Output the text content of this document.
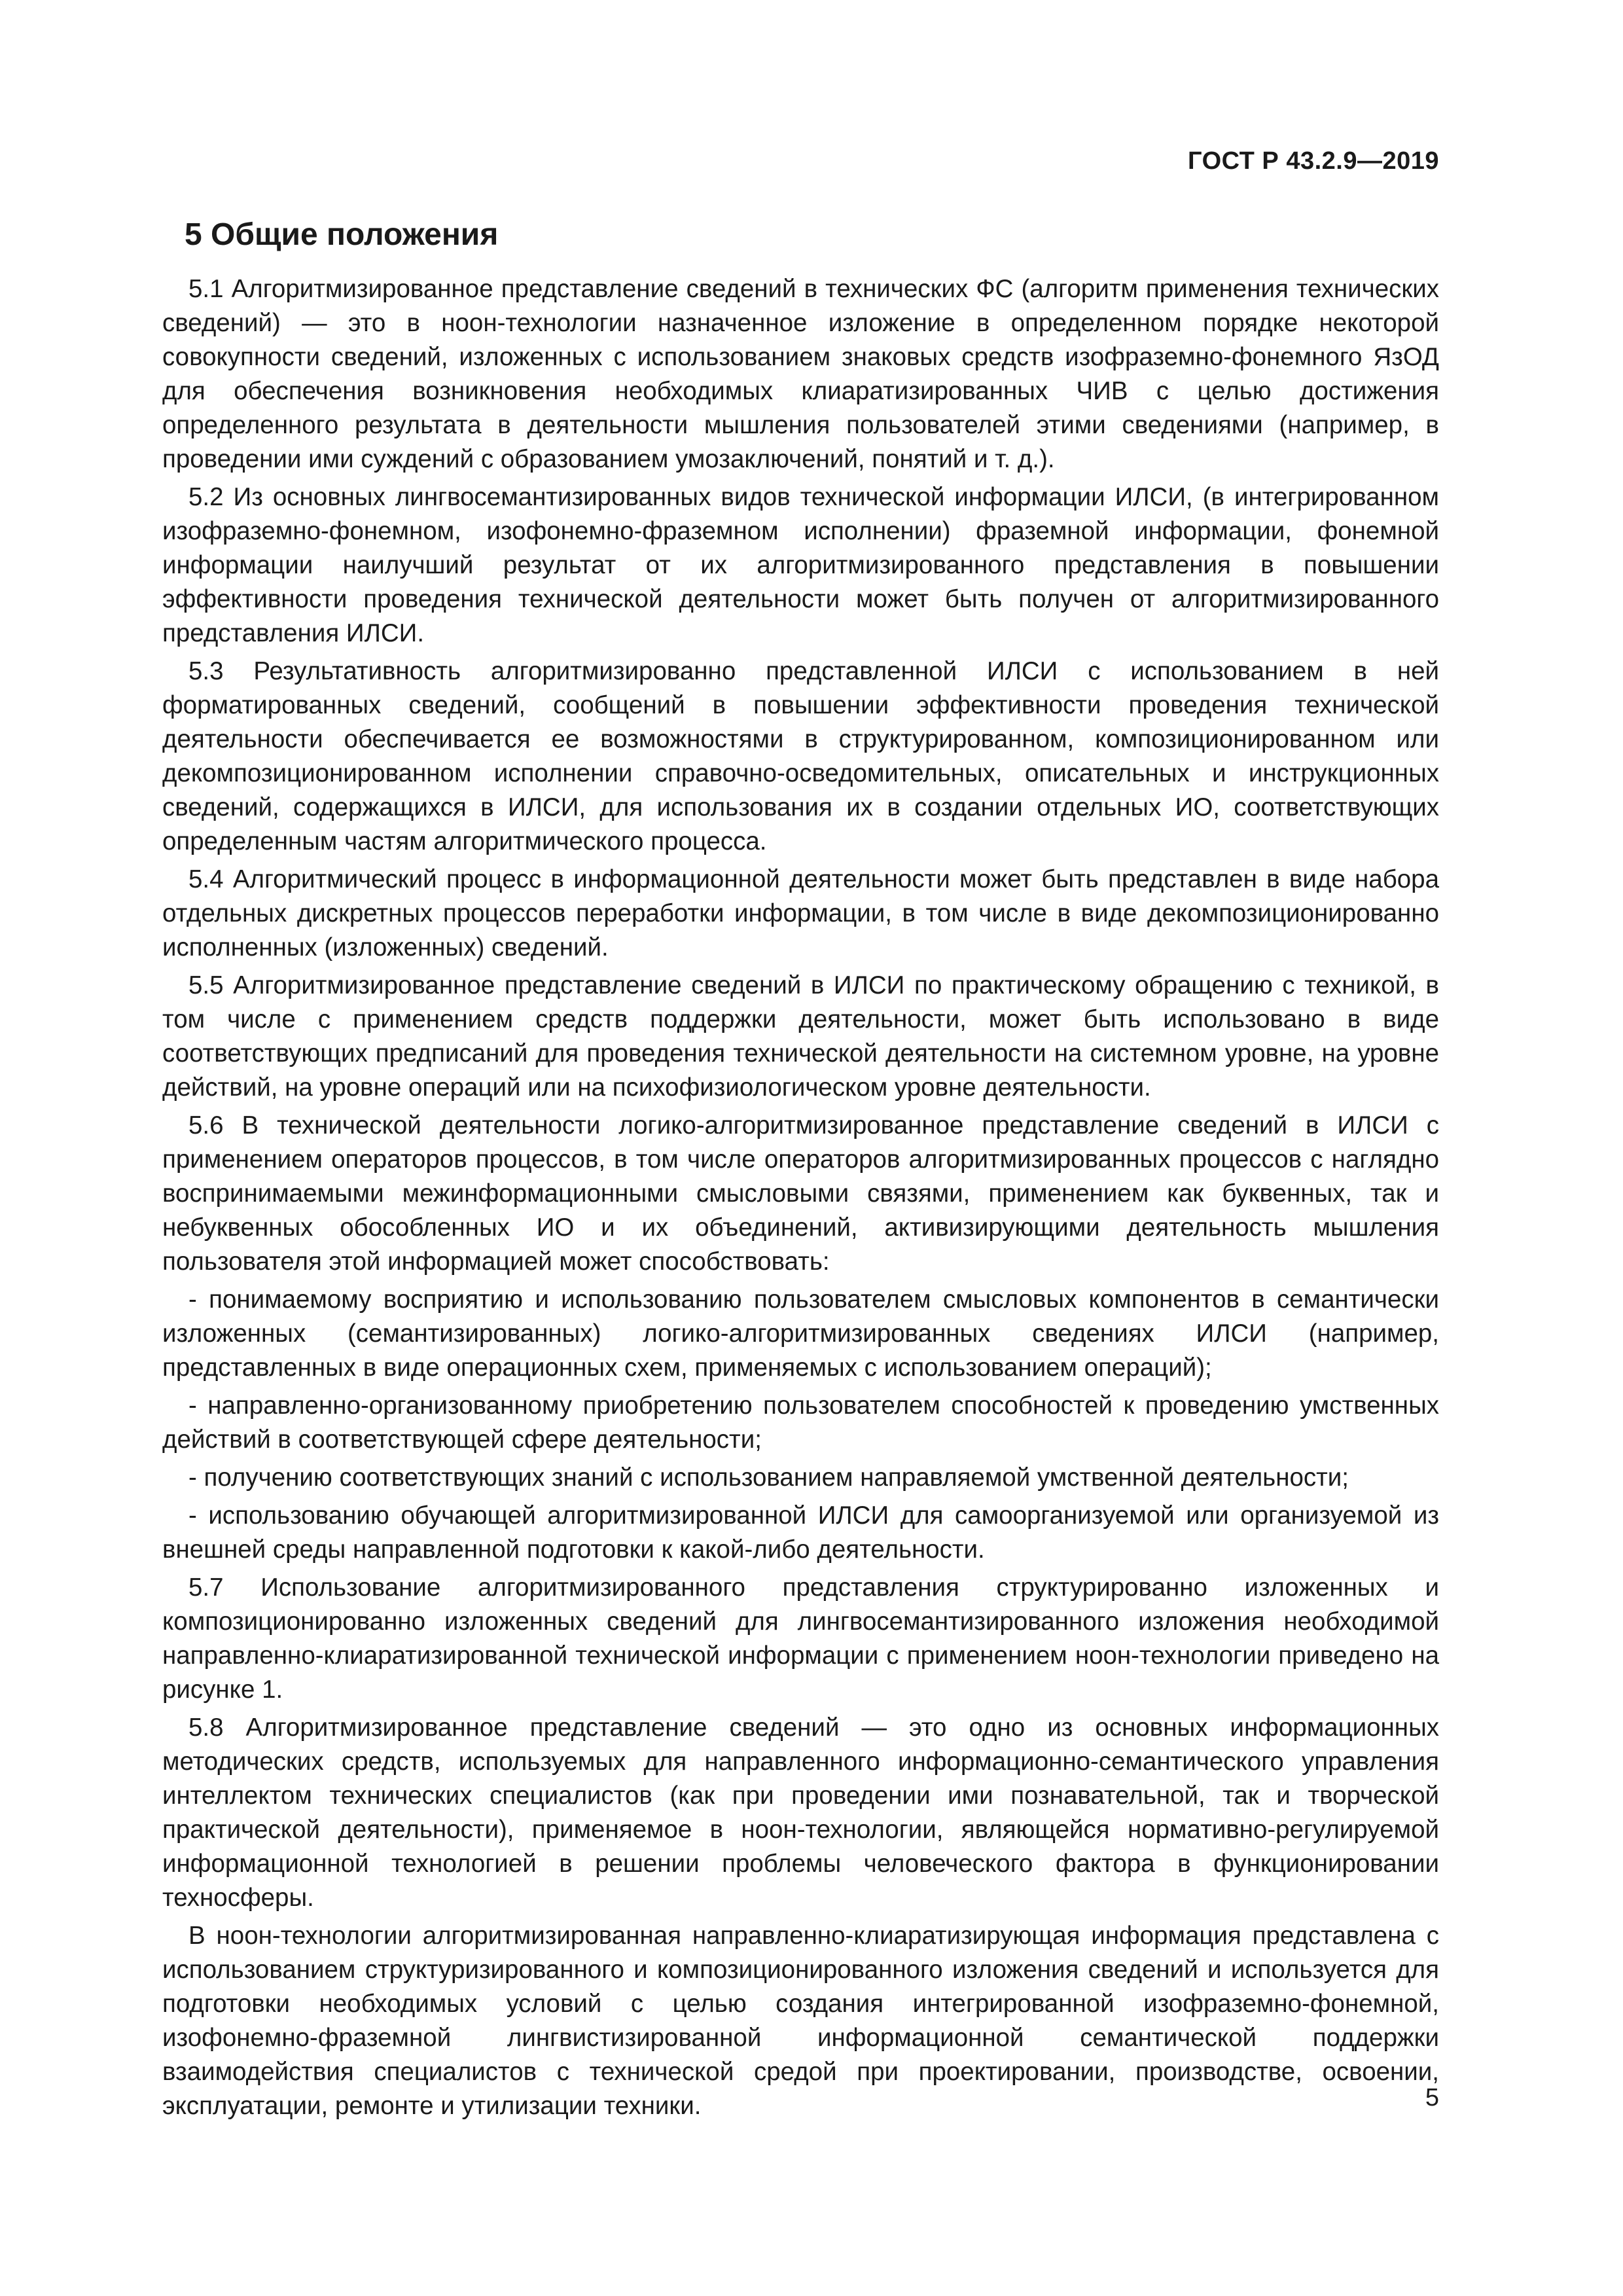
ГОСТ Р 43.2.9—2019

5 Общие положения

5.1 Алгоритмизированное представление сведений в технических ФС (алгоритм применения технических сведений) — это в ноон-технологии назначенное изложение в определенном порядке некоторой совокупности сведений, изложенных с использованием знаковых средств изофраземно-фонемного ЯзОД для обеспечения возникновения необходимых клиаратизированных ЧИВ с целью достижения определенного результата в деятельности мышления пользователей этими сведениями (например, в проведении ими суждений с образованием умозаключений, понятий и т. д.).

5.2 Из основных лингвосемантизированных видов технической информации ИЛСИ, (в интегрированном изофраземно-фонемном, изофонемно-фраземном исполнении) фраземной информации, фонемной информации наилучший результат от их алгоритмизированного представления в повышении эффективности проведения технической деятельности может быть получен от алгоритмизированного представления ИЛСИ.

5.3 Результативность алгоритмизированно представленной ИЛСИ с использованием в ней форматированных сведений, сообщений в повышении эффективности проведения технической деятельности обеспечивается ее возможностями в структурированном, композиционированном или декомпозиционированном исполнении справочно-осведомительных, описательных и инструкционных сведений, содержащихся в ИЛСИ, для использования их в создании отдельных ИО, соответствующих определенным частям алгоритмического процесса.

5.4 Алгоритмический процесс в информационной деятельности может быть представлен в виде набора отдельных дискретных процессов переработки информации, в том числе в виде декомпозиционированно исполненных (изложенных) сведений.

5.5 Алгоритмизированное представление сведений в ИЛСИ по практическому обращению с техникой, в том числе с применением средств поддержки деятельности, может быть использовано в виде соответствующих предписаний для проведения технической деятельности на системном уровне, на уровне действий, на уровне операций или на психофизиологическом уровне деятельности.

5.6 В технической деятельности логико-алгоритмизированное представление сведений в ИЛСИ с применением операторов процессов, в том числе операторов алгоритмизированных процессов с наглядно воспринимаемыми межинформационными смысловыми связями, применением как буквенных, так и небуквенных обособленных ИО и их объединений, активизирующими деятельность мышления пользователя этой информацией может способствовать:

- понимаемому восприятию и использованию пользователем смысловых компонентов в семантически изложенных (семантизированных) логико-алгоритмизированных сведениях ИЛСИ (например, представленных в виде операционных схем, применяемых с использованием операций);

- направленно-организованному приобретению пользователем способностей к проведению умственных действий в соответствующей сфере деятельности;

- получению соответствующих знаний с использованием направляемой умственной деятельности;

- использованию обучающей алгоритмизированной ИЛСИ для самоорганизуемой или организуемой из внешней среды направленной подготовки к какой-либо деятельности.

5.7 Использование алгоритмизированного представления структурированно изложенных и композиционированно изложенных сведений для лингвосемантизированного изложения необходимой направленно-клиаратизированной технической информации с применением ноон-технологии приведено на рисунке 1.

5.8 Алгоритмизированное представление сведений — это одно из основных информационных методических средств, используемых для направленного информационно-семантического управления интеллектом технических специалистов (как при проведении ими познавательной, так и творческой практической деятельности), применяемое в ноон-технологии, являющейся нормативно-регулируемой информационной технологией в решении проблемы человеческого фактора в функционировании техносферы.

В ноон-технологии алгоритмизированная направленно-клиаратизирующая информация представлена с использованием структуризированного и композиционированного изложения сведений и используется для подготовки необходимых условий с целью создания интегрированной изофраземно-фонемной, изофонемно-фраземной лингвистизированной информационной семантической поддержки взаимодействия специалистов с технической средой при проектировании, производстве, освоении, эксплуатации, ремонте и утилизации техники.	5
